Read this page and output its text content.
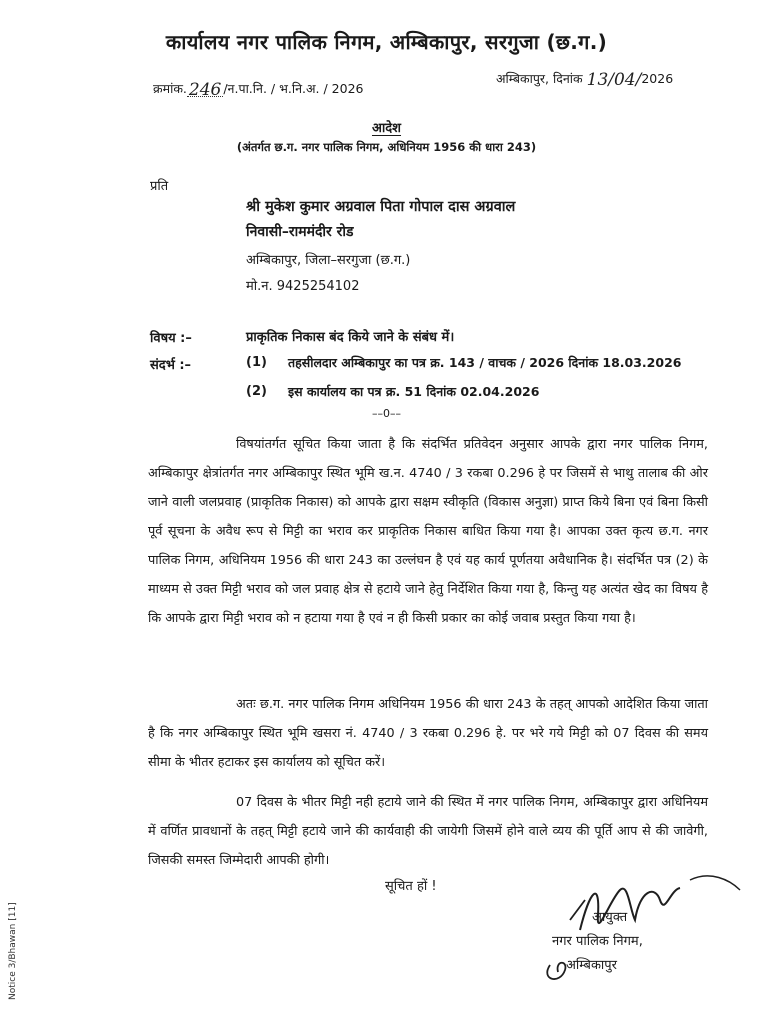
कार्यालय नगर पालिक निगम, अम्बिकापुर, सरगुजा (छ.ग.)
क्रमांक. 246 /न.पा.नि. / भ.नि.अ. / 2026
अम्बिकापुर, दिनांक 13/04/2026
आदेश
(अंतर्गत छ.ग. नगर पालिक निगम, अधिनियम 1956 की धारा 243)
प्रति
श्री मुकेश कुमार अग्रवाल पिता गोपाल दास अग्रवाल
निवासी–राममंदीर रोड
अम्बिकापुर, जिला–सरगुजा (छ.ग.)
मो.न. 9425254102
विषय :–	प्राकृतिक निकास बंद किये जाने के संबंध में।
संदर्भ :–	(1) तहसीलदार अम्बिकापुर का पत्र क्र. 143 / वाचक / 2026 दिनांक 18.03.2026
(2) इस कार्यालय का पत्र क्र. 51 दिनांक 02.04.2026
––0––
विषयांतर्गत सूचित किया जाता है कि संदर्भित प्रतिवेदन अनुसार आपके द्वारा नगर पालिक निगम, अम्बिकापुर क्षेत्रांतर्गत नगर अम्बिकापुर स्थित भूमि ख.न. 4740 / 3 रकबा 0.296 हे पर जिसमें से भाथु तालाब की ओर जाने वाली जलप्रवाह (प्राकृतिक निकास) को आपके द्वारा सक्षम स्वीकृति (विकास अनुज्ञा) प्राप्त किये बिना एवं बिना किसी पूर्व सूचना के अवैध रूप से मिट्टी का भराव कर प्राकृतिक निकास बाधित किया गया है। आपका उक्त कृत्य छ.ग. नगर पालिक निगम, अधिनियम 1956 की धारा 243 का उल्लंघन है एवं यह कार्य पूर्णतया अवैधानिक है। संदर्भित पत्र (2) के माध्यम से उक्त मिट्टी भराव को जल प्रवाह क्षेत्र से हटाये जाने हेतु निर्देशित किया गया है, किन्तु यह अत्यंत खेद का विषय है कि आपके द्वारा मिट्टी भराव को न हटाया गया है एवं न ही किसी प्रकार का कोई जवाब प्रस्तुत किया गया है।
अतः छ.ग. नगर पालिक निगम अधिनियम 1956 की धारा 243 के तहत् आपको आदेशित किया जाता है कि नगर अम्बिकापुर स्थित भूमि खसरा नं. 4740 / 3 रकबा 0.296 हे. पर भरे गये मिट्टी को 07 दिवस की समय सीमा के भीतर हटाकर इस कार्यालय को सूचित करें।
07 दिवस के भीतर मिट्टी नही हटाये जाने की स्थित में नगर पालिक निगम, अम्बिकापुर द्वारा अधिनियम में वर्णित प्रावधानों के तहत् मिट्टी हटाये जाने की कार्यवाही की जायेगी जिसमें होने वाले व्यय की पूर्ति आप से की जावेगी, जिसकी समस्त जिम्मेदारी आपकी होगी।
सूचित हों !
आयुक्त
नगर पालिक निगम,
अम्बिकापुर
Notice 3/Bhawan [11]
